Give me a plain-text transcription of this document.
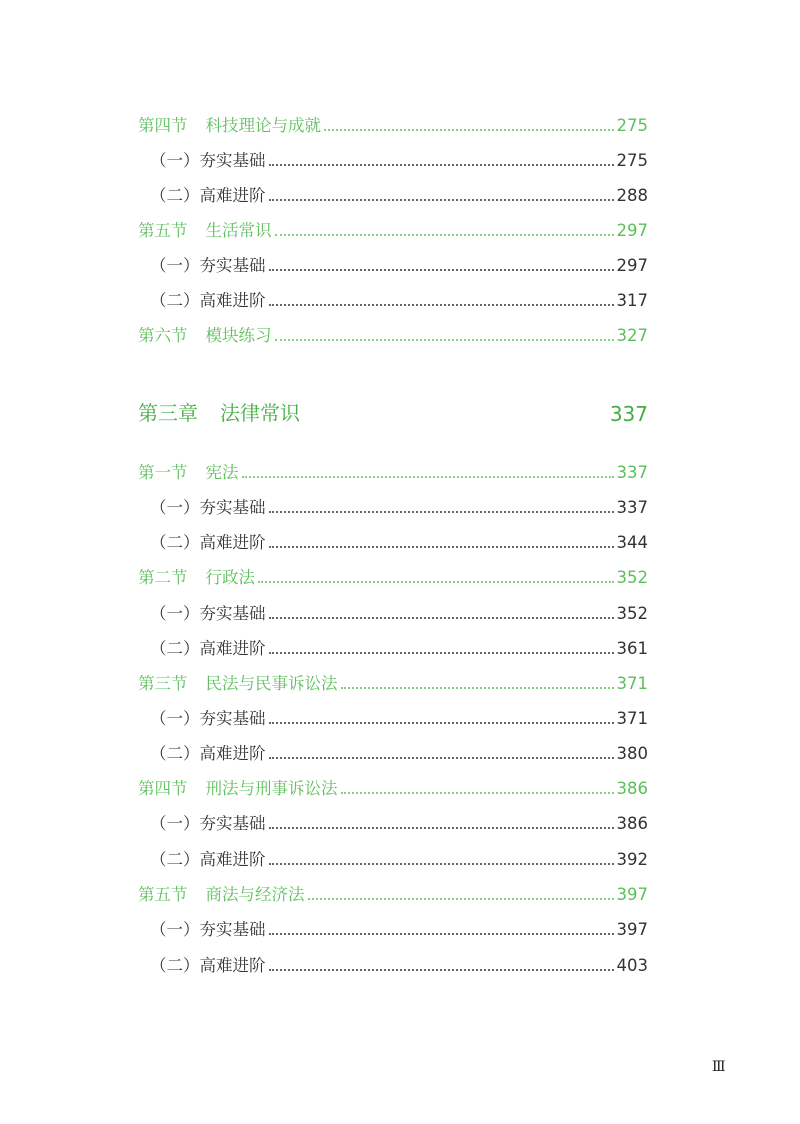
第四节 科技理论与成就	275
（一）夯实基础	275
（二）高难进阶	288
第五节 生活常识	297
（一）夯实基础	297
（二）高难进阶	317
第六节 模块练习	327
第三章 法律常识	337
第一节 宪法	337
（一）夯实基础	337
（二）高难进阶	344
第二节 行政法	352
（一）夯实基础	352
（二）高难进阶	361
第三节 民法与民事诉讼法	371
（一）夯实基础	371
（二）高难进阶	380
第四节 刑法与刑事诉讼法	386
（一）夯实基础	386
（二）高难进阶	392
第五节 商法与经济法	397
（一）夯实基础	397
（二）高难进阶	403
Ⅲ
